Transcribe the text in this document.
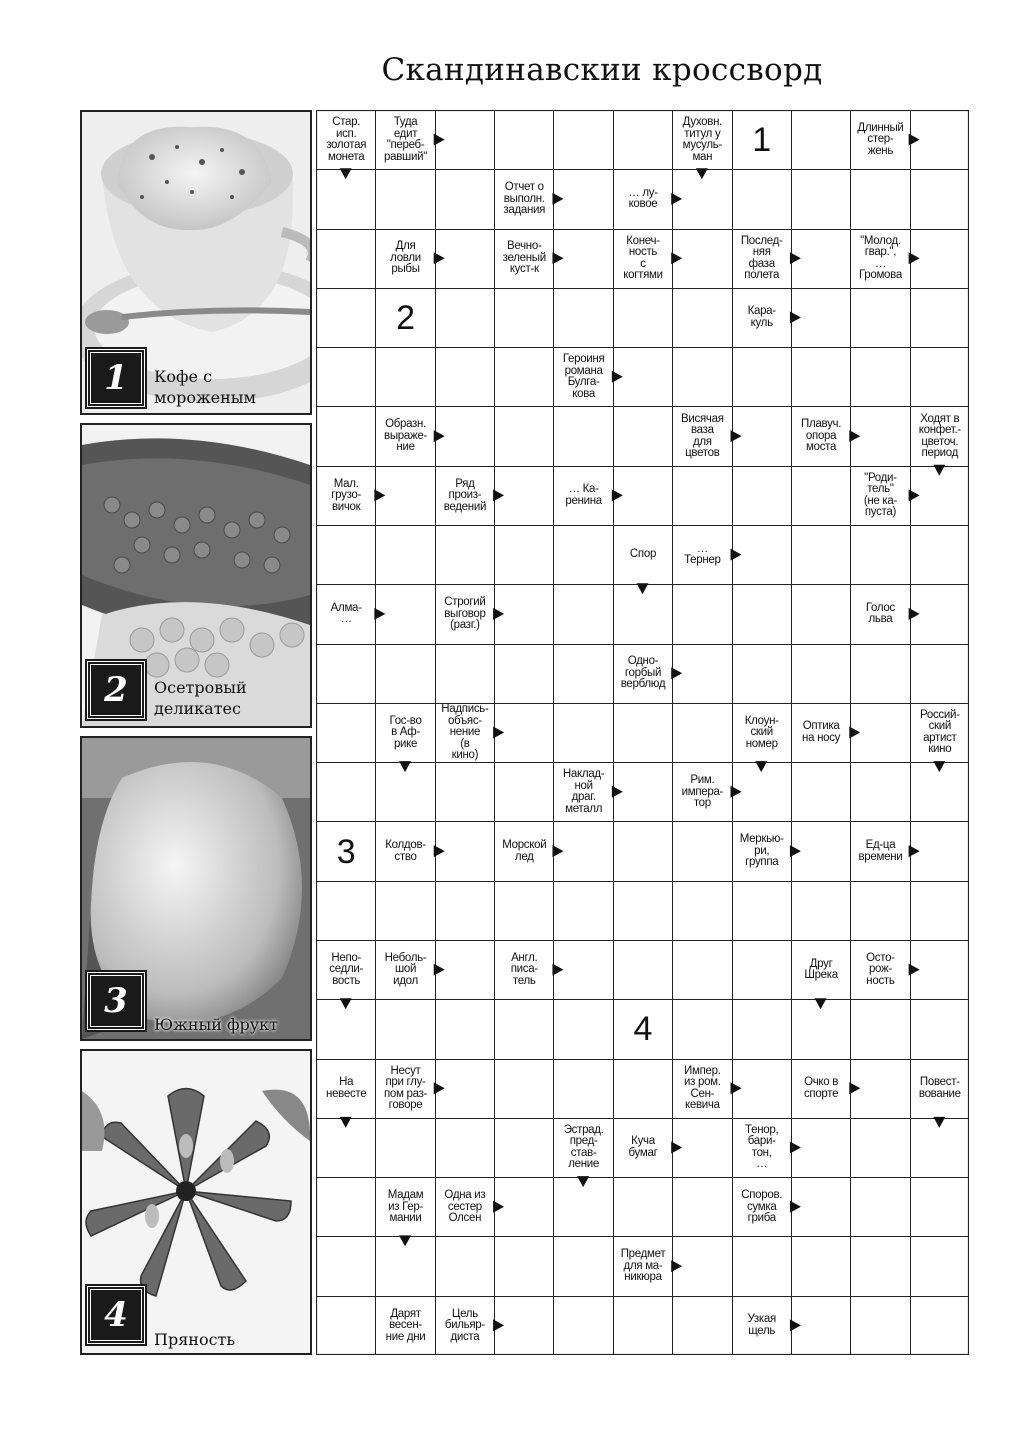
Скандинавскии кроссворд
1	Кофе с
мороженым
2	Осетровый
деликатес
3
Южный фрукт
4
Пряность
Стар.
исп.
золотая
монета
Туда
едит
"переб-
равший"
Духовн.
титул у
мусуль-
ман	1	Длинный
стер-
жень
Отчет о
выполн.
задания
… лу-
ковое
Для
ловли
рыбы
Вечно-
зеленый
куст-к
Конеч-
ность
с
когтями
Послед-
няя
фаза
полета
"Молод.
гвар.",
…
Громова
2	Кара-
куль
Героиня
романа
Булга-
кова
Образн.
выраже-
ние
Висячая
ваза
для
цветов
Плавуч.
опора
моста
Ходят в
конфет.-
цветоч.
период
Мал.
грузо-
вичок
Ряд
произ-
ведений
… Ка-
ренина
"Роди-
тель"
(не ка-
пуста)
Спор	…
Тернер
Алма-
…
Строгий
выговор
(разг.)
Голос
льва
Одно-
горбый
верблюд
Гос-во
в Аф-
рике
Надпись-
объяс-
нение
(в
кино)
Клоун-
ский
номер
Оптика
на носу
Россий-
ский
артист
кино
Наклад-
ной
драг.
металл
Рим.
импера-
тор
3	Колдов-
ство
Морской
лед
Меркью-
ри,
группа
Ед-ца
времени
Непо-
седли-
вость
Неболь-
шой
идол
Англ.
писа-
тель
Друг
Шрека
Осто-
рож-
ность
4
На
невесте
Несут
при глу-
пом раз-
говоре
Импер.
из ром.
Сен-
кевича
Очко в
спорте
Повест-
вование
Эстрад.
пред-
став-
ление
Куча
бумаг
Тенор,
бари-
тон,
…
Мадам
из Гер-
мании
Одна из
сестер
Олсен
Споров.
сумка
гриба
Предмет
для ма-
никюра
Дарят
весен-
ние дни
Цель
бильяр-
диста
Узкая
щель
